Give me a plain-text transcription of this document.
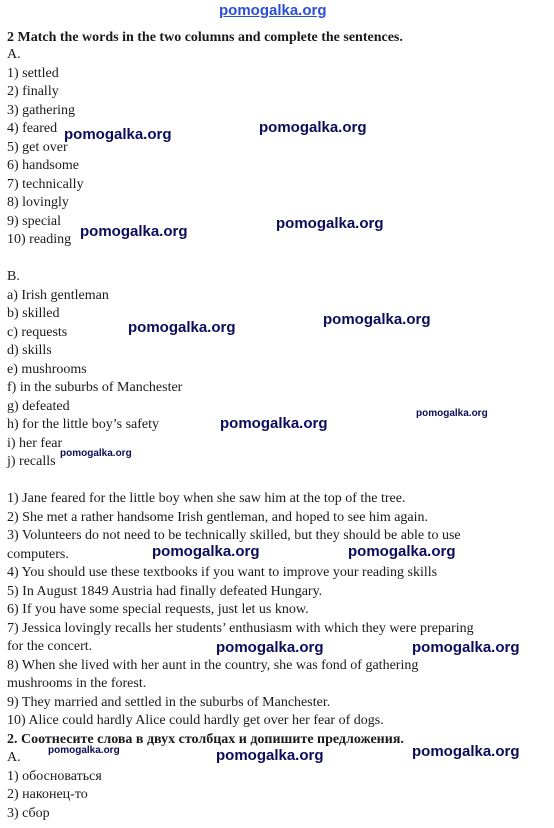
pomogalka.org
2 Match the words in the two columns and complete the sentences.
A.
1) settled
2) finally
3) gathering
4) feared
5) get over
6) handsome
7) technically
8) lovingly
9) special
10) reading
B.
a) Irish gentleman
b) skilled
c) requests
d) skills
e) mushrooms
f) in the suburbs of Manchester
g) defeated
h) for the little boy’s safety
i) her fear
j) recalls
1) Jane feared for the little boy when she saw him at the top of the tree.
2) She met a rather handsome Irish gentleman, and hoped to see him again.
3) Volunteers do not need to be technically skilled, but they should be able to use
computers.
4) You should use these textbooks if you want to improve your reading skills
5) In August 1849 Austria had finally defeated Hungary.
6) If you have some special requests, just let us know.
7) Jessica lovingly recalls her students’ enthusiasm with which they were preparing
for the concert.
8) When she lived with her aunt in the country, she was fond of gathering
mushrooms in the forest.
9) They married and settled in the suburbs of Manchester.
10) Alice could hardly Alice could hardly get over her fear of dogs.
2. Соотнесите слова в двух столбцах и допишите предложения.
А.
1) обосноваться
2) наконец-то
3) сбор
pomogalka.org	pomogalka.org
pomogalka.org	pomogalka.org
pomogalka.org	pomogalka.org
pomogalka.org
pomogalka.org
pomogalka.org
pomogalka.org	pomogalka.org
pomogalka.org	pomogalka.org
pomogalka.org	pomogalka.org	pomogalka.org
